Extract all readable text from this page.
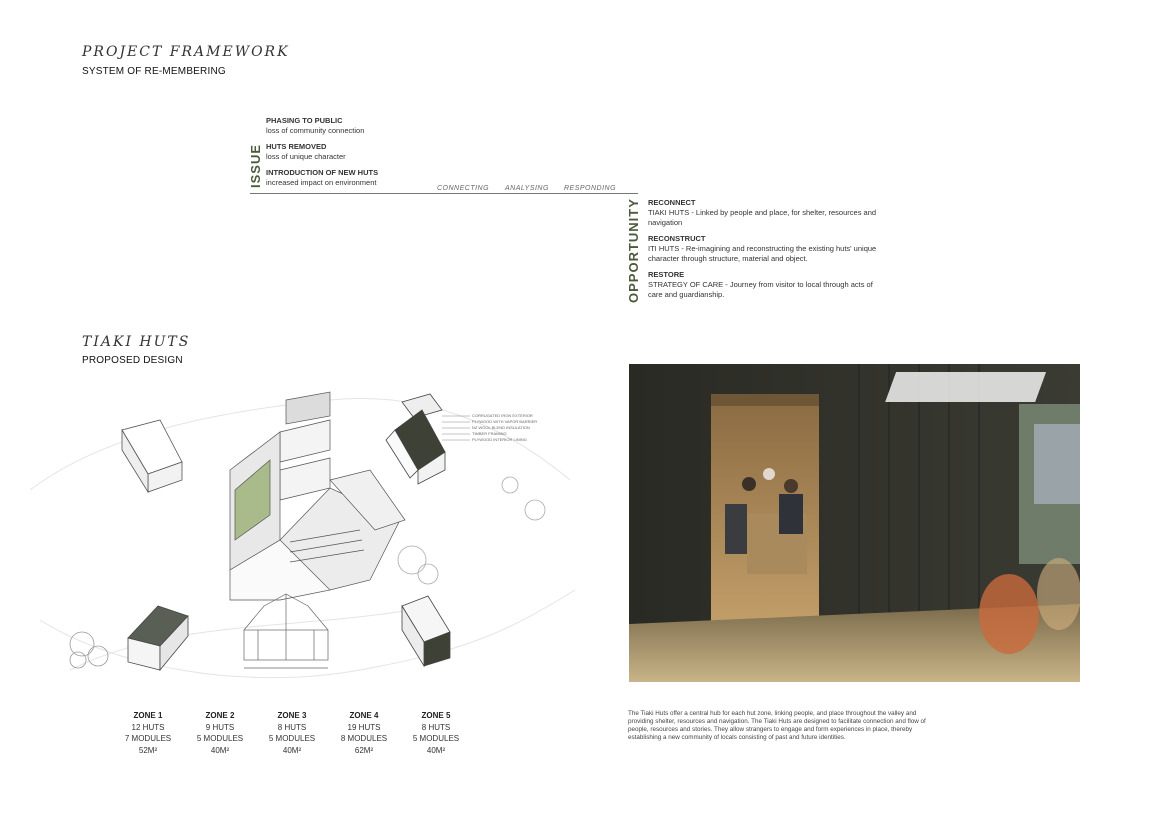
PROJECT FRAMEWORK
SYSTEM OF RE-MEMBERING
ISSUE
PHASING TO PUBLIC
loss of community connection
HUTS REMOVED
loss of unique character
INTRODUCTION OF NEW HUTS
increased impact on environment
CONNECTING ANALYSING RESPONDING
OPPORTUNITY RECONNECT
TIAKI HUTS - Linked by people and place, for shelter, resources and navigation
RECONSTRUCT
ITI HUTS - Re-imagining and reconstructing the existing huts' unique character through structure, material and object.
RESTORE
STRATEGY OF CARE - Journey from visitor to local through acts of care and guardianship.
TIAKI HUTS
PROPOSED DESIGN
CORRUGATED IRON EXTERIOR
PLYWOOD WITH VAPOR BARRIER
NZ WOOL BLEND INSULATION
TIMBER FRAMING
PLYWOOD INTERIOR LINING
ZONE 1
12 HUTS
7 MODULES
52M²
ZONE 2
9 HUTS
5 MODULES
40M²
ZONE 3
8 HUTS
5 MODULES
40M²
ZONE 4
19 HUTS
8 MODULES
62M²
ZONE 5
8 HUTS
5 MODULES
40M²
The Tiaki Huts offer a central hub for each hut zone, linking people, and place throughout the valley and providing shelter, resources and navigation. The Tiaki Huts are designed to facilitate connection and flow of people, resources and stories. They allow strangers to engage and form experiences in place, thereby establishing a new community of locals consisting of past and future identities.
